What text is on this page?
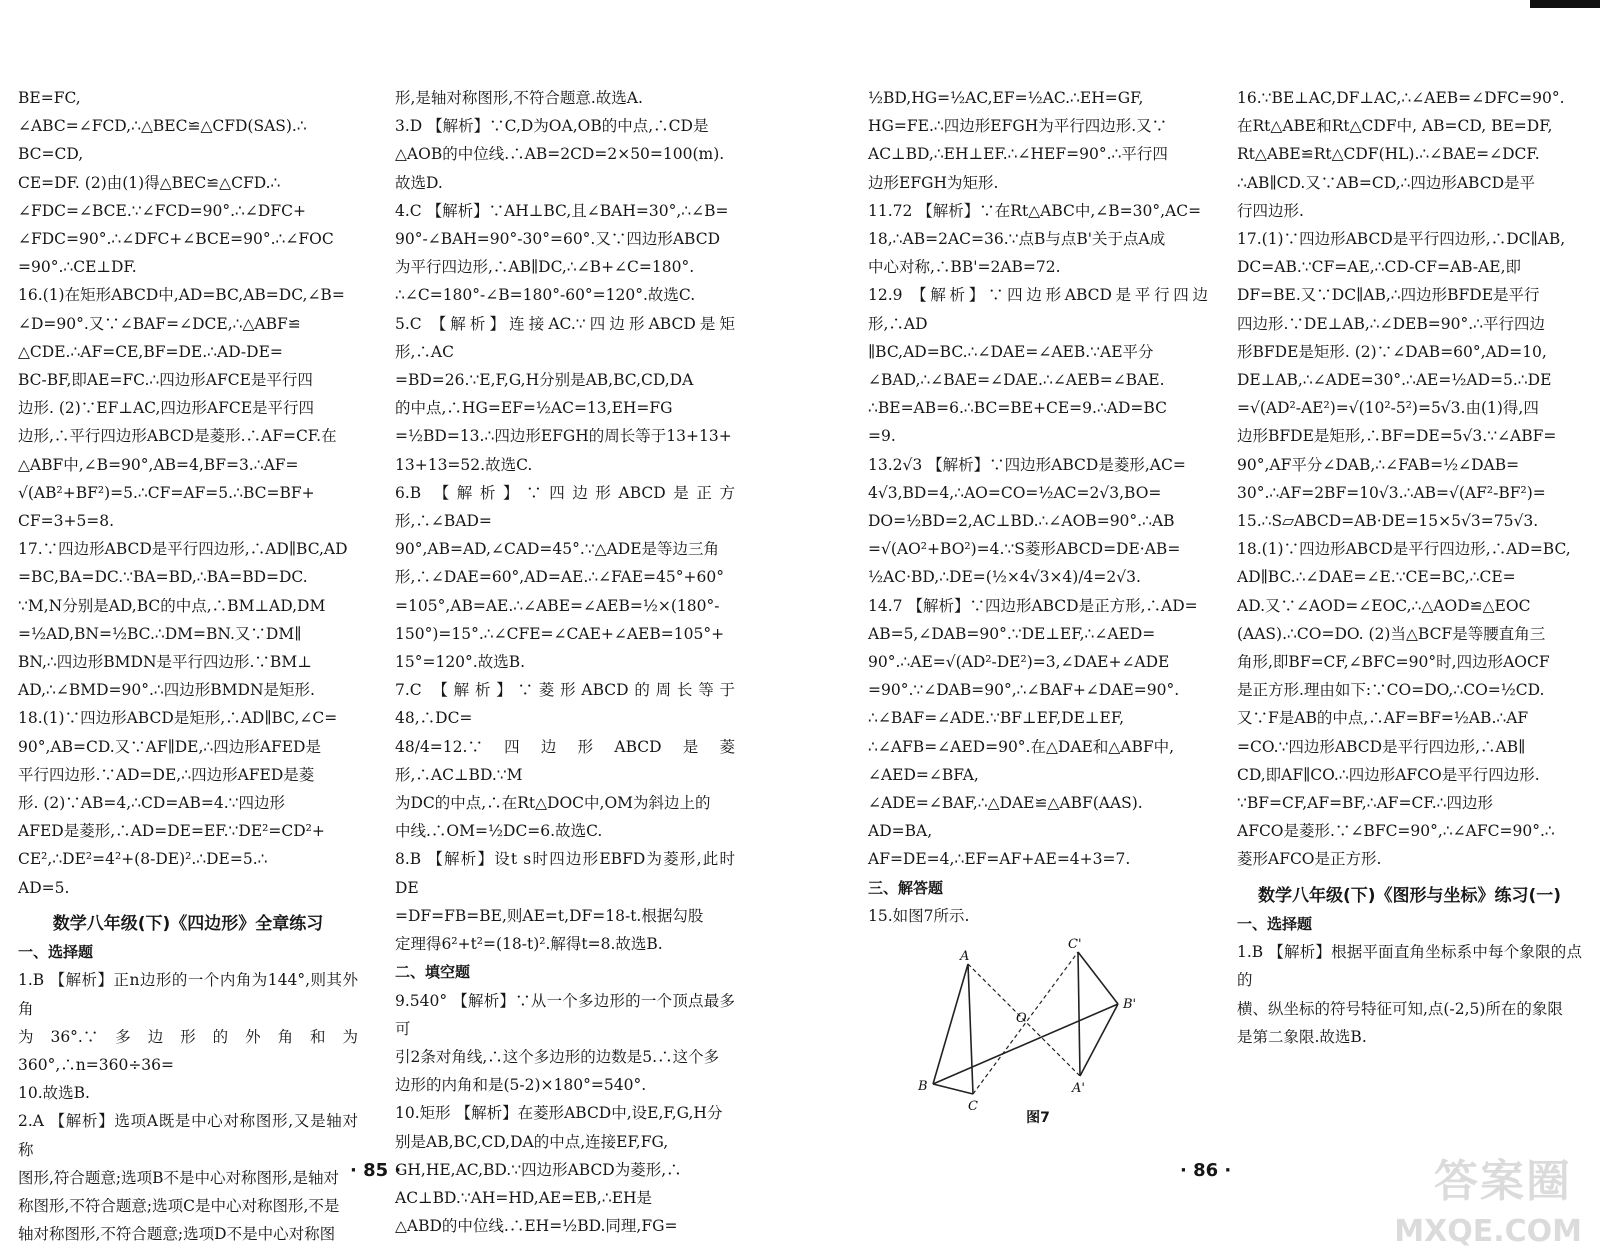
BE=FC,

∠ABC=∠FCD,∴△BEC≌△CFD(SAS).∴

BC=CD,

CE=DF. (2)由(1)得△BEC≌△CFD.∴

∠FDC=∠BCE.∵∠FCD=90°.∴∠DFC+

∠FDC=90°.∴∠DFC+∠BCE=90°.∴∠FOC

=90°.∴CE⊥DF.

16.(1)在矩形ABCD中,AD=BC,AB=DC,∠B=

∠D=90°.又∵∠BAF=∠DCE,∴△ABF≌

△CDE.∴AF=CE,BF=DE.∴AD-DE=

BC-BF,即AE=FC.∴四边形AFCE是平行四

边形. (2)∵EF⊥AC,四边形AFCE是平行四

边形,∴平行四边形ABCD是菱形.∴AF=CF.在

△ABF中,∠B=90°,AB=4,BF=3.∴AF=

√(AB²+BF²)=5.∴CF=AF=5.∴BC=BF+

CF=3+5=8.

17.∵四边形ABCD是平行四边形,∴AD∥BC,AD

=BC,BA=DC.∵BA=BD,∴BA=BD=DC.

∵M,N分别是AD,BC的中点,∴BM⊥AD,DM

=½AD,BN=½BC.∴DM=BN.又∵DM∥

BN,∴四边形BMDN是平行四边形.∵BM⊥

AD,∴∠BMD=90°.∴四边形BMDN是矩形.

18.(1)∵四边形ABCD是矩形,∴AD∥BC,∠C=

90°,AB=CD.又∵AF∥DE,∴四边形AFED是

平行四边形.∵AD=DE,∴四边形AFED是菱

形. (2)∵AB=4,∴CD=AB=4.∵四边形

AFED是菱形,∴AD=DE=EF.∵DE²=CD²+

CE²,∴DE²=4²+(8-DE)².∴DE=5.∴

AD=5.

数学八年级(下)《四边形》全章练习

一、选择题

1.B 【解析】正n边形的一个内角为144°,则其外角

为36°.∵多边形的外角和为360°,∴n=360÷36=

10.故选B.

2.A 【解析】选项A既是中心对称图形,又是轴对称

图形,符合题意;选项B不是中心对称图形,是轴对

称图形,不符合题意;选项C是中心对称图形,不是

轴对称图形,不符合题意;选项D不是中心对称图

形,是轴对称图形,不符合题意.故选A.

3.D 【解析】∵C,D为OA,OB的中点,∴CD是

△AOB的中位线.∴AB=2CD=2×50=100(m).

故选D.

4.C 【解析】∵AH⊥BC,且∠BAH=30°,∴∠B=

90°-∠BAH=90°-30°=60°.又∵四边形ABCD

为平行四边形,∴AB∥DC,∴∠B+∠C=180°.

∴∠C=180°-∠B=180°-60°=120°.故选C.

5.C 【解析】连接AC.∵四边形ABCD是矩形,∴AC

=BD=26.∵E,F,G,H分别是AB,BC,CD,DA

的中点,∴HG=EF=½AC=13,EH=FG

=½BD=13.∴四边形EFGH的周长等于13+13+

13+13=52.故选C.

6.B 【解析】∵四边形ABCD是正方形,∴∠BAD=

90°,AB=AD,∠CAD=45°.∵△ADE是等边三角

形,∴∠DAE=60°,AD=AE.∴∠FAE=45°+60°

=105°,AB=AE.∴∠ABE=∠AEB=½×(180°-

150°)=15°.∴∠CFE=∠CAE+∠AEB=105°+

15°=120°.故选B.

7.C 【解析】∵菱形ABCD的周长等于48,∴DC=

48/4=12.∵四边形ABCD是菱形,∴AC⊥BD.∵M

为DC的中点,∴在Rt△DOC中,OM为斜边上的

中线.∴OM=½DC=6.故选C.

8.B 【解析】设t s时四边形EBFD为菱形,此时DE

=DF=FB=BE,则AE=t,DF=18-t.根据勾股

定理得6²+t²=(18-t)².解得t=8.故选B.

二、填空题

9.540° 【解析】∵从一个多边形的一个顶点最多可

引2条对角线,∴这个多边形的边数是5.∴这个多

边形的内角和是(5-2)×180°=540°.

10.矩形 【解析】在菱形ABCD中,设E,F,G,H分

别是AB,BC,CD,DA的中点,连接EF,FG,

GH,HE,AC,BD.∵四边形ABCD为菱形,∴

AC⊥BD.∵AH=HD,AE=EB,∴EH是

△ABD的中位线.∴EH=½BD.同理,FG=

· 85 ·

½BD,HG=½AC,EF=½AC.∴EH=GF,

HG=FE.∴四边形EFGH为平行四边形.又∵

AC⊥BD,∴EH⊥EF.∴∠HEF=90°.∴平行四

边形EFGH为矩形.

11.72 【解析】∵在Rt△ABC中,∠B=30°,AC=

18,∴AB=2AC=36.∵点B与点B'关于点A成

中心对称,∴BB'=2AB=72.

12.9 【解析】∵四边形ABCD是平行四边形,∴AD

∥BC,AD=BC.∴∠DAE=∠AEB.∵AE平分

∠BAD,∴∠BAE=∠DAE.∴∠AEB=∠BAE.

∴BE=AB=6.∴BC=BE+CE=9.∴AD=BC

=9.

13.2√3 【解析】∵四边形ABCD是菱形,AC=

4√3,BD=4,∴AO=CO=½AC=2√3,BO=

DO=½BD=2,AC⊥BD.∴∠AOB=90°.∴AB

=√(AO²+BO²)=4.∵S菱形ABCD=DE·AB=

½AC·BD,∴DE=(½×4√3×4)/4=2√3.

14.7 【解析】∵四边形ABCD是正方形,∴AD=

AB=5,∠DAB=90°.∵DE⊥EF,∴∠AED=

90°.∴AE=√(AD²-DE²)=3,∠DAE+∠ADE

=90°.∵∠DAB=90°,∴∠BAF+∠DAE=90°.

∴∠BAF=∠ADE.∵BF⊥EF,DE⊥EF,

∴∠AFB=∠AED=90°.在△DAE和△ABF中,

∠AED=∠BFA,

∠ADE=∠BAF,∴△DAE≌△ABF(AAS).

AD=BA,

AF=DE=4,∴EF=AF+AE=4+3=7.

三、解答题

15.如图7所示.

A
B
C
O
C'
B'
A'

图7

16.∵BE⊥AC,DF⊥AC,∴∠AEB=∠DFC=90°.

在Rt△ABE和Rt△CDF中, AB=CD, BE=DF,

Rt△ABE≌Rt△CDF(HL).∴∠BAE=∠DCF.

∴AB∥CD.又∵AB=CD,∴四边形ABCD是平

行四边形.

17.(1)∵四边形ABCD是平行四边形,∴DC∥AB,

DC=AB.∵CF=AE,∴CD-CF=AB-AE,即

DF=BE.又∵DC∥AB,∴四边形BFDE是平行

四边形.∵DE⊥AB,∴∠DEB=90°.∴平行四边

形BFDE是矩形. (2)∵∠DAB=60°,AD=10,

DE⊥AB,∴∠ADE=30°.∴AE=½AD=5.∴DE

=√(AD²-AE²)=√(10²-5²)=5√3.由(1)得,四

边形BFDE是矩形,∴BF=DE=5√3.∵∠ABF=

90°,AF平分∠DAB,∴∠FAB=½∠DAB=

30°.∴AF=2BF=10√3.∴AB=√(AF²-BF²)=

15.∴S▱ABCD=AB·DE=15×5√3=75√3.

18.(1)∵四边形ABCD是平行四边形,∴AD=BC,

AD∥BC.∴∠DAE=∠E.∵CE=BC,∴CE=

AD.又∵∠AOD=∠EOC,∴△AOD≌△EOC

(AAS).∴CO=DO. (2)当△BCF是等腰直角三

角形,即BF=CF,∠BFC=90°时,四边形AOCF

是正方形.理由如下:∵CO=DO,∴CO=½CD.

又∵F是AB的中点,∴AF=BF=½AB.∴AF

=CO.∵四边形ABCD是平行四边形,∴AB∥

CD,即AF∥CO.∴四边形AFCO是平行四边形.

∵BF=CF,AF=BF,∴AF=CF.∴四边形

AFCO是菱形.∵∠BFC=90°,∴∠AFC=90°.∴

菱形AFCO是正方形.

数学八年级(下)《图形与坐标》练习(一)

一、选择题

1.B 【解析】根据平面直角坐标系中每个象限的点的

横、纵坐标的符号特征可知,点(-2,5)所在的象限

是第二象限.故选B.

· 86 ·	答案圈
MXQE.COM
